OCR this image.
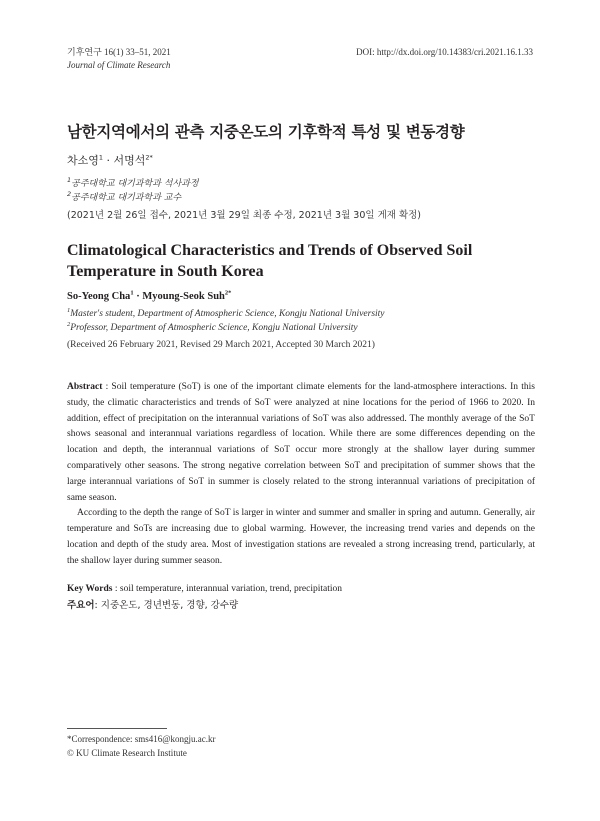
기후연구 16(1) 33–51, 2021
Journal of Climate Research
DOI: http://dx.doi.org/10.14383/cri.2021.16.1.33
남한지역에서의 관측 지중온도의 기후학적 특성 및 변동경향
차소영$^1$ · 서명석$^{2*}$
$^1$공주대학교 대기과학과 석사과정
$^2$공주대학교 대기과학과 교수
(2021년 2월 26일 접수, 2021년 3월 29일 최종 수정, 2021년 3월 30일 게재 확정)
Climatological Characteristics and Trends of Observed Soil Temperature in South Korea
So-Yeong Cha$^1$ · Myoung-Seok Suh$^{2*}$
$^1$Master's student, Department of Atmospheric Science, Kongju National University
$^2$Professor, Department of Atmospheric Science, Kongju National University
(Received 26 February 2021, Revised 29 March 2021, Accepted 30 March 2021)

Abstract : Soil temperature (SoT) is one of the important climate elements for the land-atmosphere interactions. In this study, the climatic characteristics and trends of SoT were analyzed at nine locations for the period of 1966 to 2020. In addition, effect of precipitation on the interannual variations of SoT was also addressed. The monthly average of the SoT shows seasonal and interannual variations regardless of location. While there are some differences depending on the location and depth, the interannual variations of SoT occur more strongly at the shallow layer during summer comparatively other seasons. The strong negative correlation between SoT and precipitation of summer shows that the large interannual variations of SoT in summer is closely related to the strong interannual variations of precipitation of same season.

According to the depth the range of SoT is larger in winter and summer and smaller in spring and autumn. Generally, air temperature and SoTs are increasing due to global warming. However, the increasing trend varies and depends on the location and depth of the study area. Most of investigation stations are revealed a strong increasing trend, particularly, at the shallow layer during summer season.

Key Words : soil temperature, interannual variation, trend, precipitation
주요어: 지중온도, 경년변동, 경향, 강수량
*Correspondence: sms416@kongju.ac.kr
© KU Climate Research Institute
